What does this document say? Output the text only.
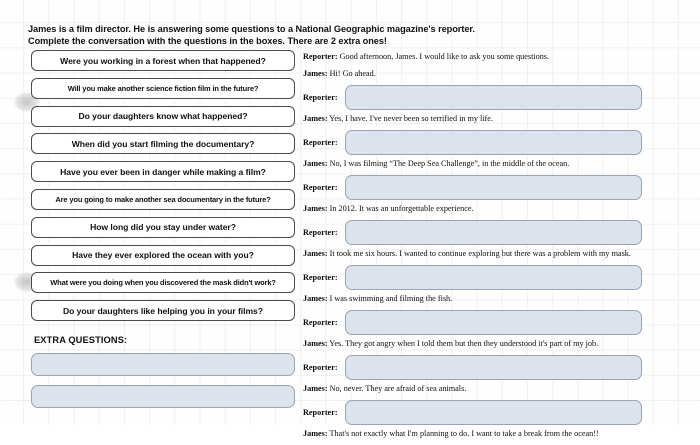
James is a film director. He is answering some questions to a National Geographic magazine's reporter.
Complete the conversation with the questions in the boxes. There are 2 extra ones!
Were you working in a forest when that happened?
Will you make another science fiction film in the future?
Do your daughters know what happened?
When did you start filming the documentary?
Have you ever been in danger while making a film?
Are you going to make another sea documentary in the future?
How long did you stay under water?
Have they ever explored the ocean with you?
What were you doing when you discovered the mask didn't work?
Do your daughters like helping you in your films?
EXTRA QUESTIONS:
Reporter: Good afternoon, James. I would like to ask you some questions.
James: Hi! Go ahead.
Reporter:
James: Yes, I have. I've never been so terrified in my life.
Reporter:
James: No, I was filming “The Deep Sea Challenge”, in the middle of the ocean.
Reporter:
James: In 2012. It was an unforgettable experience.
Reporter:
James: It took me six hours. I wanted to continue exploring but there was a problem with my mask.
Reporter:
James: I was swimming and filming the fish.
Reporter:
James: Yes. They got angry when I told them but then they understood it's part of my job.
Reporter:
James: No, never. They are afraid of sea animals.
Reporter:
James: That's not exactly what I'm planning to do. I want to take a break from the ocean!!
